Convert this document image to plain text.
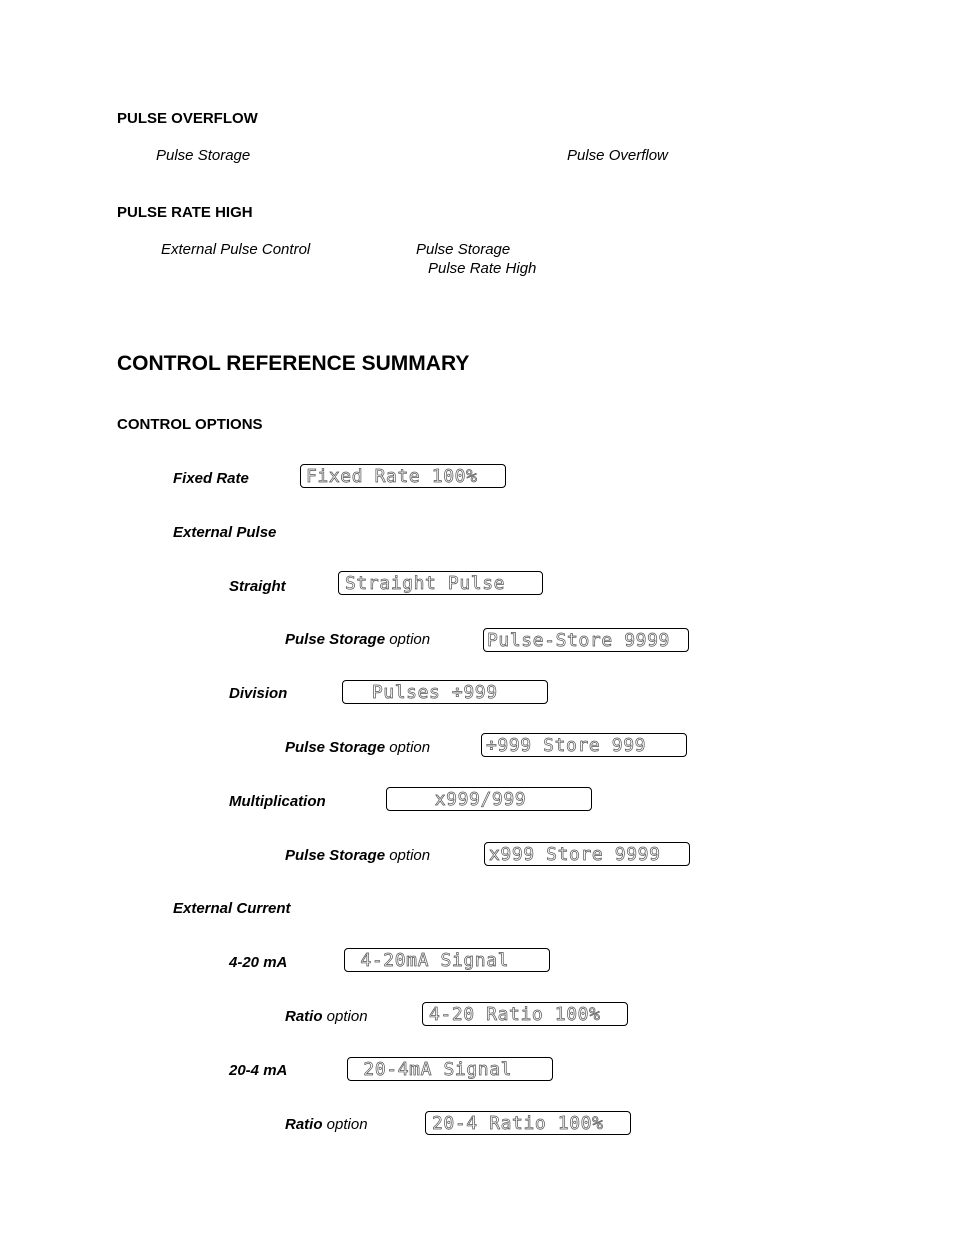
PULSE OVERFLOW
Pulse Storage	Pulse Overflow
PULSE RATE HIGH
External Pulse Control	Pulse Storage
Pulse Rate High
CONTROL REFERENCE SUMMARY
CONTROL OPTIONS
Fixed Rate	Fixed Rate 100%
External Pulse
Straight	Straight Pulse
Pulse Storage option	Pulse-Store 9999
Division	Pulses ÷999
Pulse Storage option	÷999 Store 999
Multiplication	x999/999
Pulse Storage option	x999 Store 9999
External Current
4-20 mA	4-20mA Signal
Ratio option	4-20 Ratio 100%
20-4 mA	20-4mA Signal
Ratio option	20-4 Ratio 100%
